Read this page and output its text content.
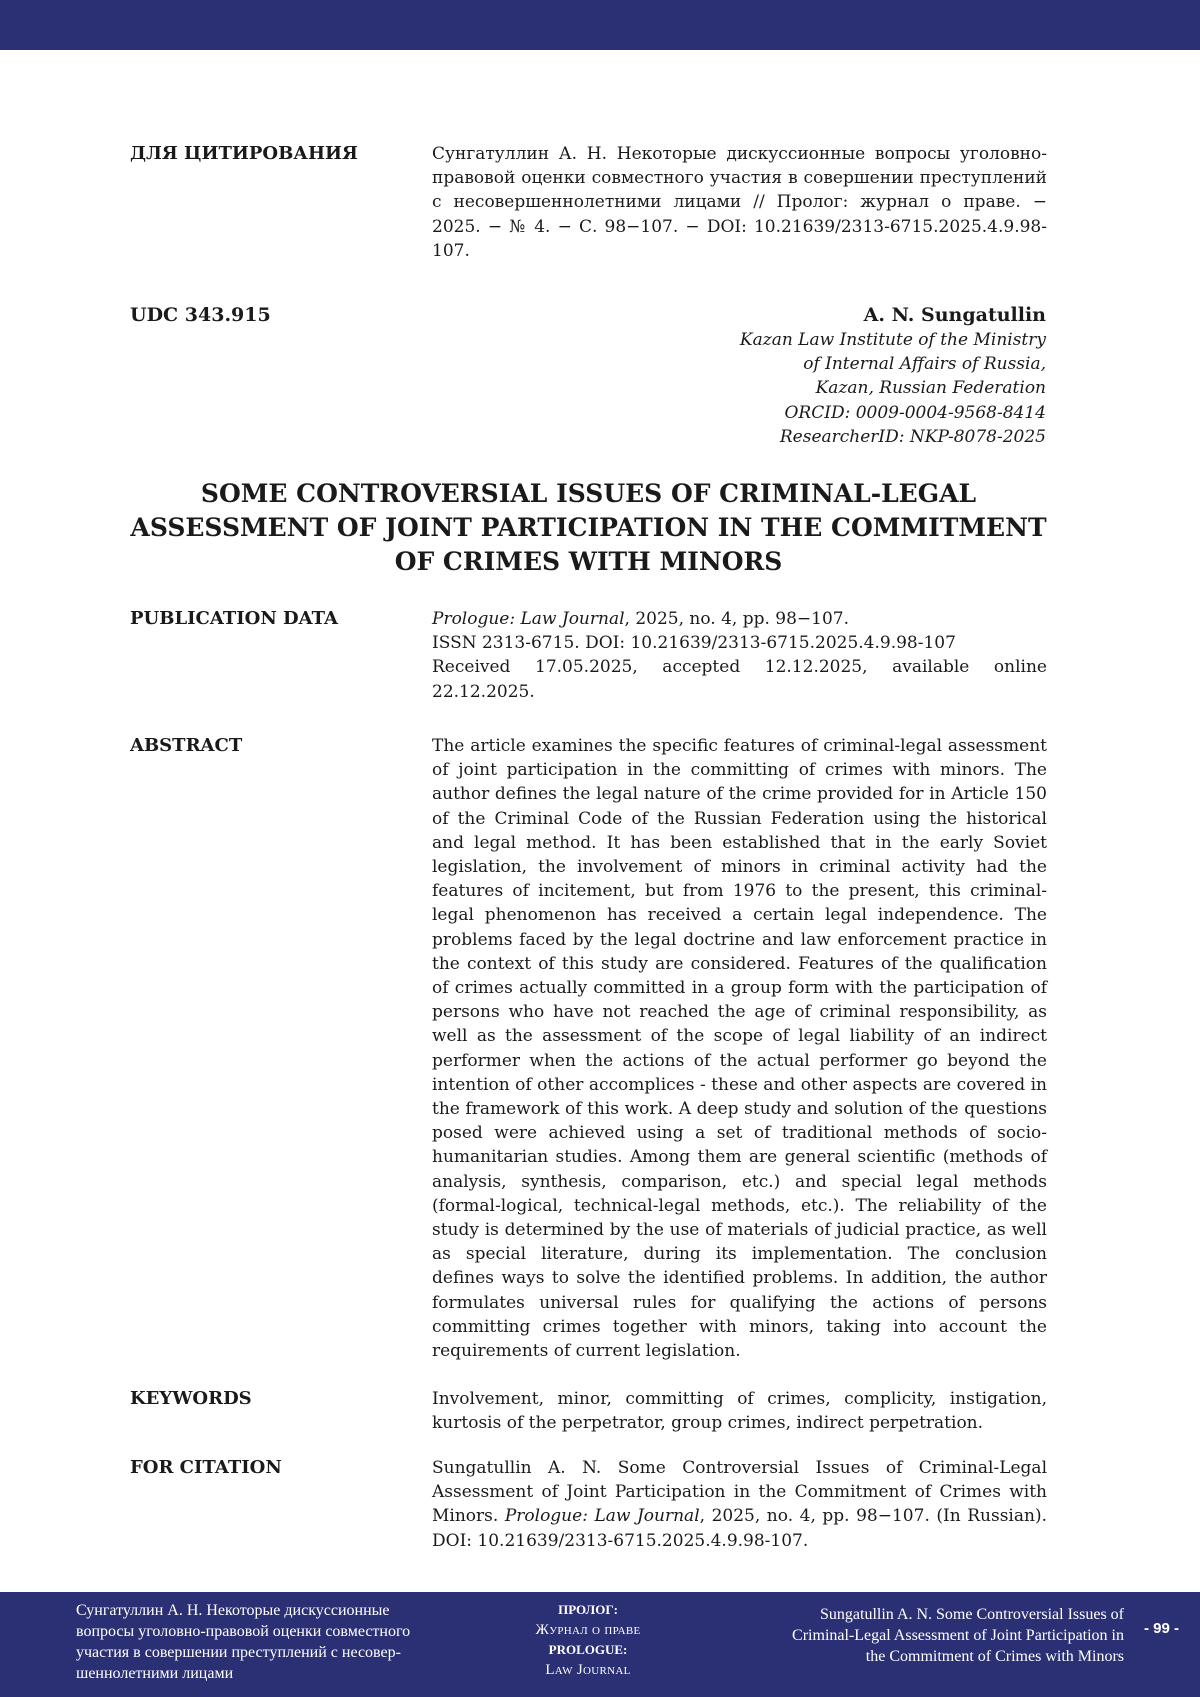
ДЛЯ ЦИТИРОВАНИЯ	Сунгатуллин А. Н. Некоторые дискуссионные вопросы уголовно-правовой оценки совместного участия в совершении преступлений с несовершеннолетними лицами // Пролог: журнал о праве. − 2025. − № 4. − С. 98−107. − DOI: 10.21639/2313-6715.2025.4.9.98-107.
UDC 343.915	A. N. Sungatullin
Kazan Law Institute of the Ministry
of Internal Affairs of Russia,
Kazan, Russian Federation
ORCID: 0009-0004-9568-8414
ResearcherID: NKP-8078-2025
SOME CONTROVERSIAL ISSUES OF CRIMINAL-LEGAL
ASSESSMENT OF JOINT PARTICIPATION IN THE COMMITMENT
OF CRIMES WITH MINORS
PUBLICATION DATA	Prologue: Law Journal, 2025, no. 4, pp. 98−107.

ISSN 2313-6715. DOI: 10.21639/2313-6715.2025.4.9.98-107

Received 17.05.2025, accepted 12.12.2025, available online 22.12.2025.

ABSTRACT	The article examines the specific features of criminal-legal assessment of joint participation in the committing of crimes with minors. The author defines the legal nature of the crime provided for in Article 150 of the Criminal Code of the Russian Federation using the historical and legal method. It has been established that in the early Soviet legislation, the involvement of minors in criminal activity had the features of incitement, but from 1976 to the present, this criminal-legal phenomenon has received a certain legal independence. The problems faced by the legal doctrine and law enforcement practice in the context of this study are considered. Features of the qualification of crimes actually committed in a group form with the participation of persons who have not reached the age of criminal responsibility, as well as the assessment of the scope of legal liability of an indirect performer when the actions of the actual performer go beyond the intention of other accomplices - these and other aspects are covered in the framework of this work. A deep study and solution of the questions posed were achieved using a set of traditional methods of socio-humanitarian studies. Among them are general scientific (methods of analysis, synthesis, comparison, etc.) and special legal methods (formal-logical, technical-legal methods, etc.). The reliability of the study is determined by the use of materials of judicial practice, as well as special literature, during its implementation. The conclusion defines ways to solve the identified problems. In addition, the author formulates universal rules for qualifying the actions of persons committing crimes together with minors, taking into account the requirements of current legislation.
KEYWORDS	Involvement, minor, committing of crimes, complicity, instigation, kurtosis of the perpetrator, group crimes, indirect perpetration.
FOR CITATION	Sungatullin A. N. Some Controversial Issues of Criminal-Legal Assessment of Joint Participation in the Commitment of Crimes with Minors. Prologue: Law Journal, 2025, no. 4, pp. 98−107. (In Russian). DOI: 10.21639/2313-6715.2025.4.9.98-107.
Сунгатуллин А. Н. Некоторые дискуссионные
вопросы уголовно-правовой оценки совместного
участия в совершении преступлений с несовер-
шеннолетними лицами
ПРОЛОГ:
Журнал о праве
PROLOGUE:
Law Journal
Sungatullin A. N. Some Controversial Issues of
Criminal-Legal Assessment of Joint Participation in
the Commitment of Crimes with Minors
- 99 -
